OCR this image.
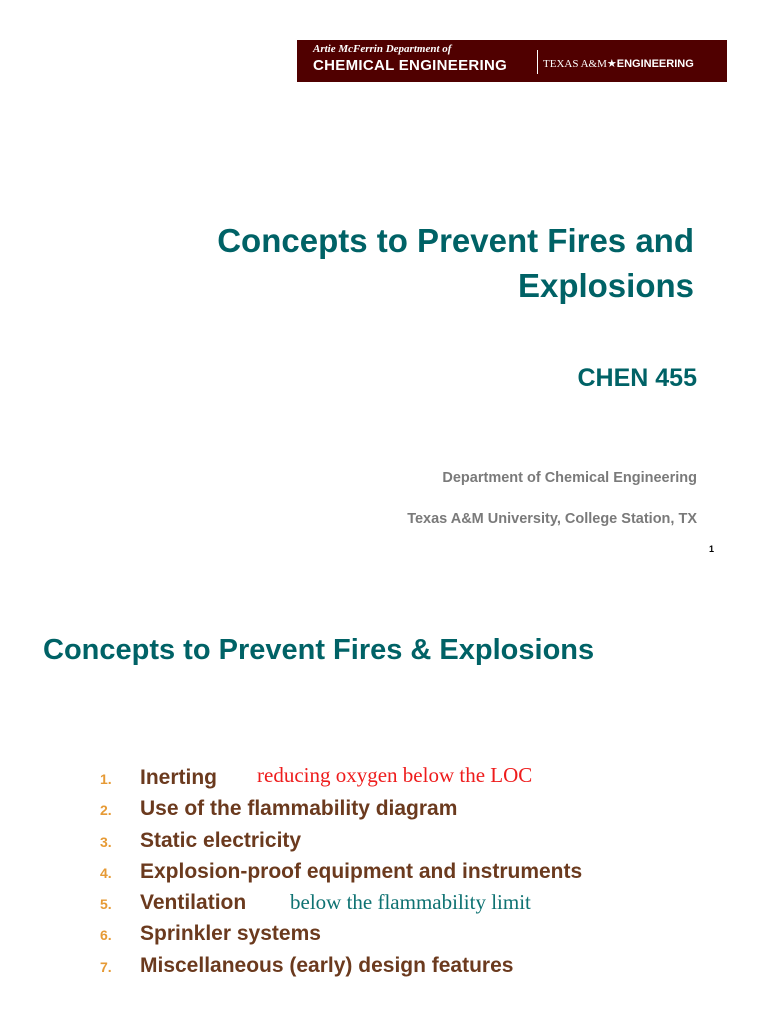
Artie McFerrin Department of
CHEMICAL ENGINEERING	TEXAS A&M★ENGINEERING
Concepts to Prevent Fires and
Explosions
CHEN 455
Department of Chemical Engineering
Texas A&M University, College Station, TX
1
Concepts to Prevent Fires & Explosions
1. Inerting
2. Use of the flammability diagram
3. Static electricity
4. Explosion-proof equipment and instruments
5. Ventilation
6. Sprinkler systems
7. Miscellaneous (early) design features
reducing oxygen below the LOC
below the flammability limit
